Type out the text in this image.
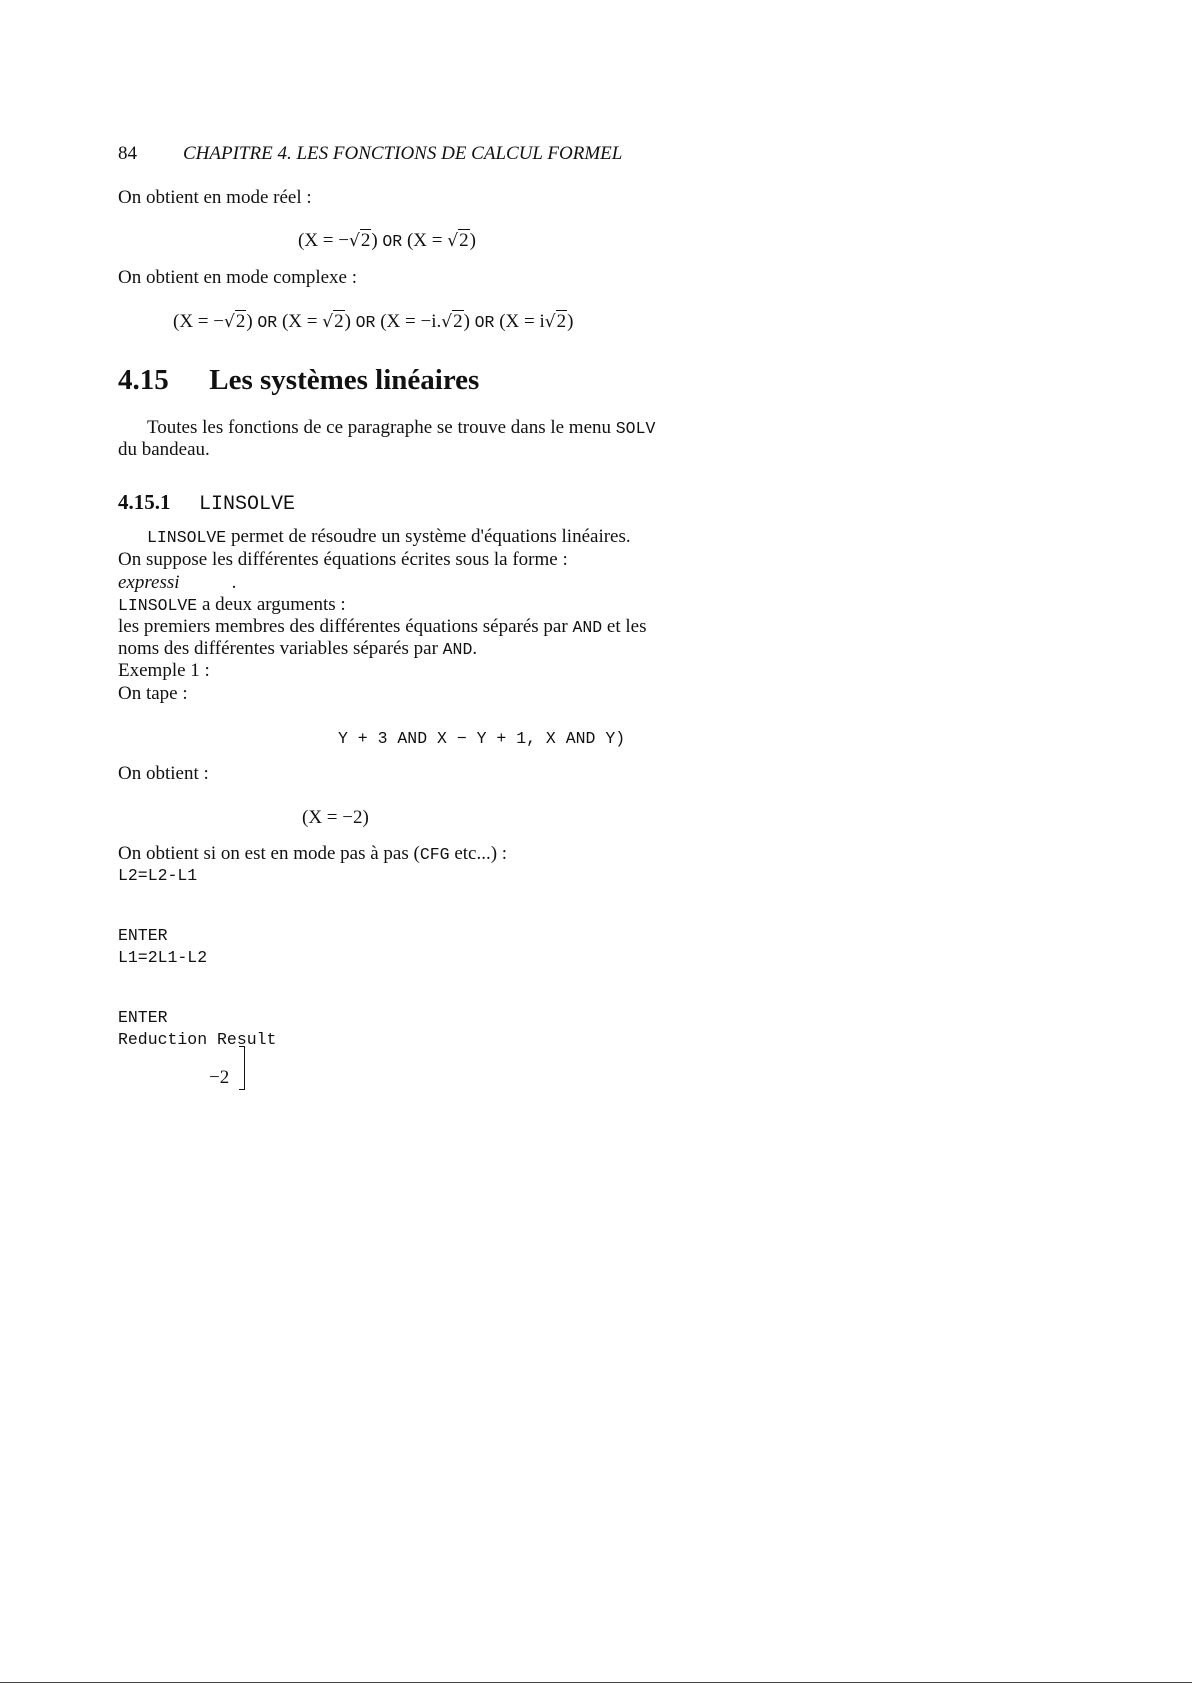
84 CHAPITRE 4. LES FONCTIONS DE CALCUL FORMEL
On obtient en mode réel :
(X = −√2) OR (X = √2)
On obtient en mode complexe :
(X = −√2) OR (X = √2) OR (X = −i.√2) OR (X = i√2)
4.15 Les systèmes linéaires
Toutes les fonctions de ce paragraphe se trouve dans le menu SOLV
du bandeau.
4.15.1 LINSOLVE
LINSOLVE permet de résoudre un système d'équations linéaires.
On suppose les différentes équations écrites sous la forme :
expressi	.
LINSOLVE a deux arguments :
les premiers membres des différentes équations séparés par AND et les
noms des différentes variables séparés par AND.
Exemple 1 :
On tape :
Y + 3 AND X − Y + 1, X AND Y)
On obtient :
(X = −2)
On obtient si on est en mode pas à pas (CFG etc...) :
L2=L2-L1
ENTER
L1=2L1-L2
ENTER
Reduction Result
−2
